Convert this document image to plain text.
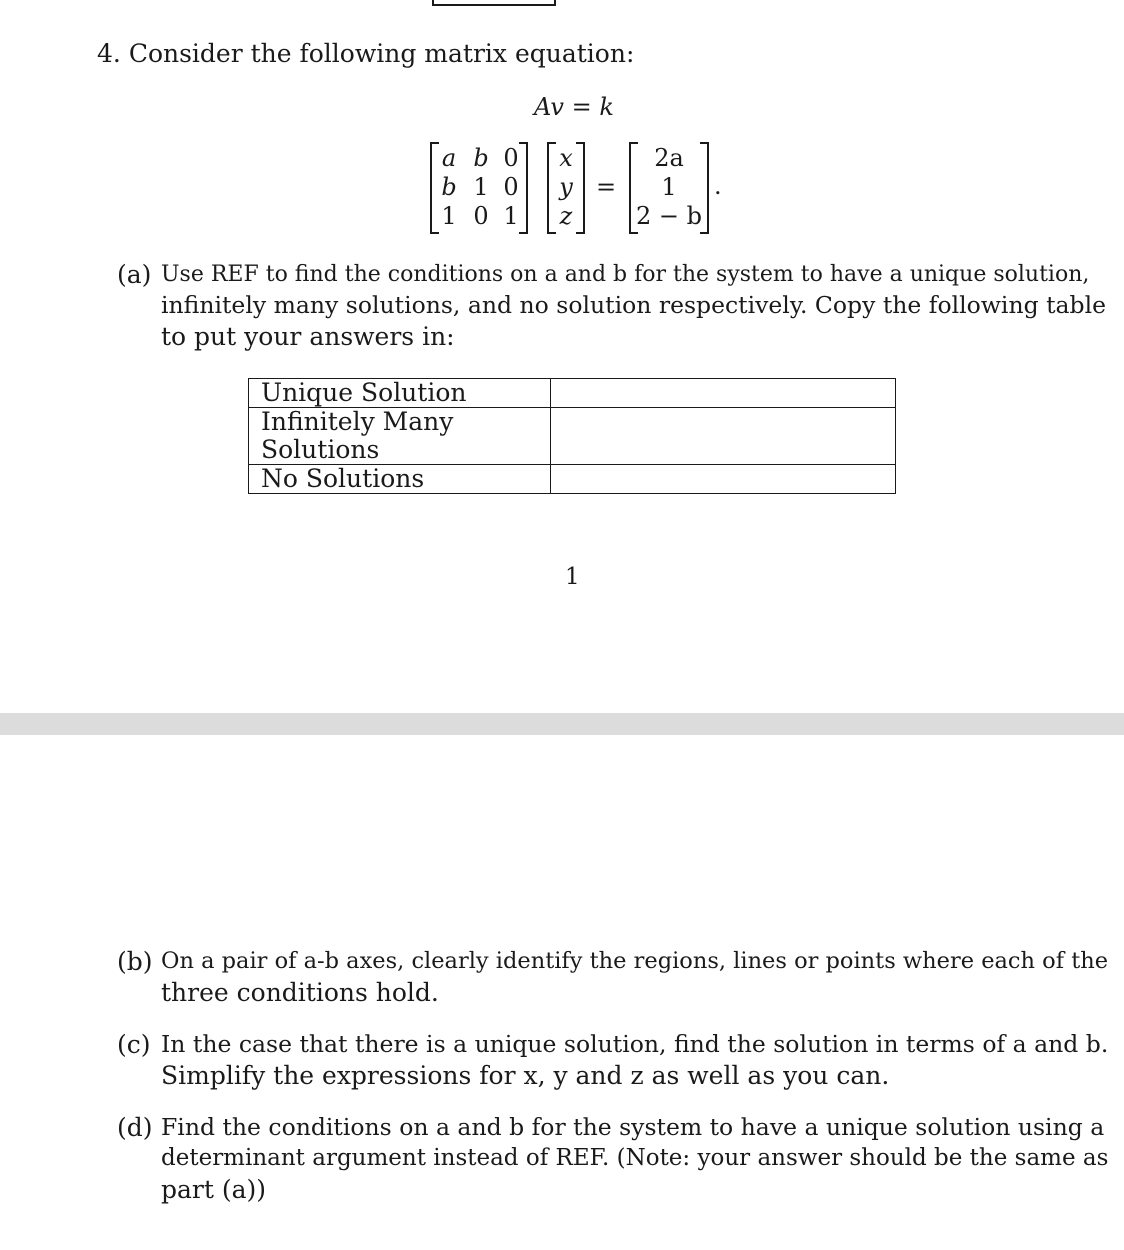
4. Consider the following matrix equation:
Av = k
a b 0
b 1 0
1 0 1
x
y
z
=
2a
1
2 − b
.
(a) Use REF to find the conditions on a and b for the system to have a unique solution,
infinitely many solutions, and no solution respectively. Copy the following table
to put your answers in:
Unique Solution	
Infinitely Many Solutions	
No Solutions	
1
(b) On a pair of a-b axes, clearly identify the regions, lines or points where each of the
three conditions hold.
(c) In the case that there is a unique solution, find the solution in terms of a and b.
Simplify the expressions for x, y and z as well as you can.
(d) Find the conditions on a and b for the system to have a unique solution using a
determinant argument instead of REF. (Note: your answer should be the same as
part (a))
